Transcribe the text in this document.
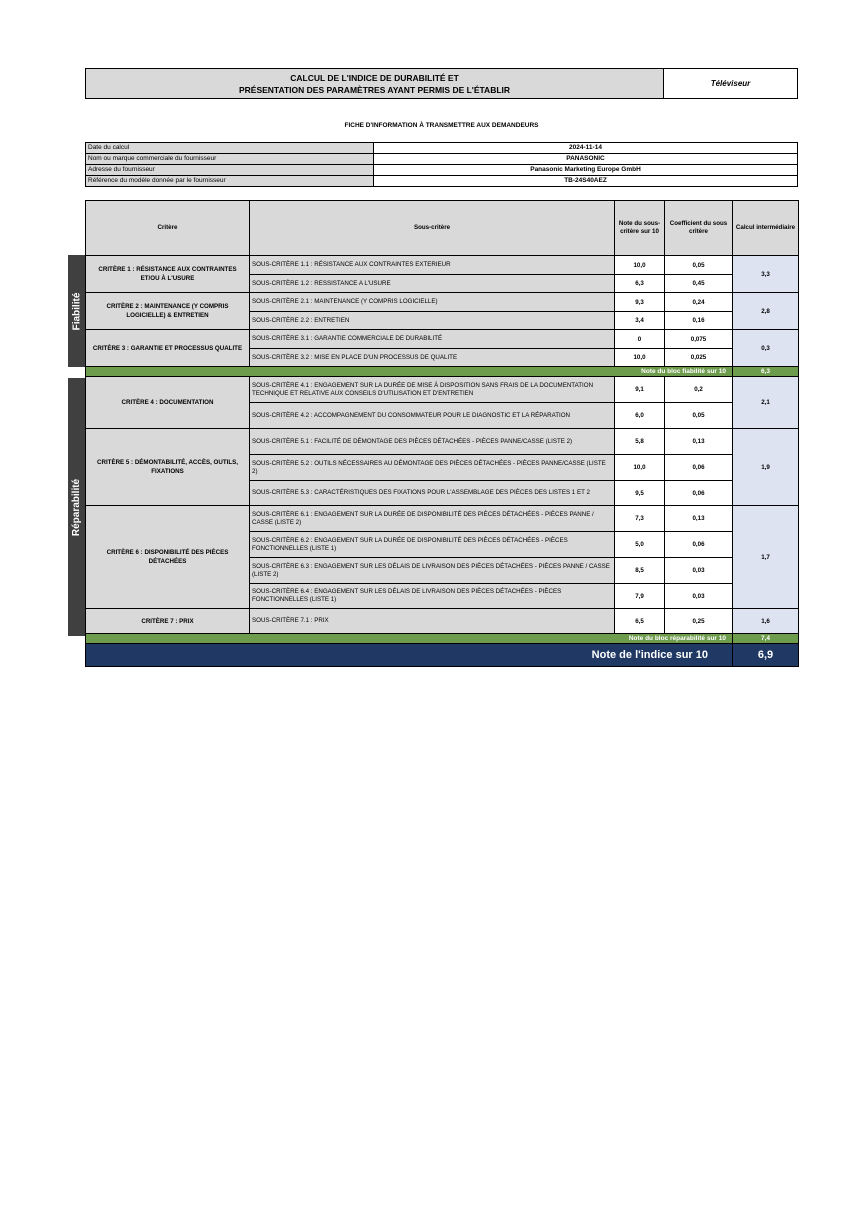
CALCUL DE L'INDICE DE DURABILITÉ ET
PRÉSENTATION DES PARAMÈTRES AYANT PERMIS DE L'ÉTABLIR
Téléviseur
FICHE D'INFORMATION À TRANSMETTRE AUX DEMANDEURS
Date du calcul	2024-11-14
Nom ou marque commerciale du fournisseur	PANASONIC
Adresse du fournisseur	Panasonic Marketing Europe GmbH
Référence du modèle donnée par le fournisseur	TB-24S40AEZ
Fiabilité
Réparabilité
Critère	Sous-critère	Note du sous-critère sur 10	Coefficient du sous critère	Calcul intermédiaire
CRITÈRE 1 : RÉSISTANCE AUX CONTRAINTES ET/OU À L'USURE	SOUS-CRITÈRE 1.1 : RÉSISTANCE AUX CONTRAINTES EXTERIEUR	10,0	0,05	3,3
	SOUS-CRITÈRE 1.2 : RESSISTANCE A L'USURE	6,3	0,45	
CRITÈRE 2 : MAINTENANCE (Y COMPRIS LOGICIELLE) & ENTRETIEN	SOUS-CRITÈRE 2.1 : MAINTENANCE (Y COMPRIS LOGICIELLE)	9,3	0,24	2,8
	SOUS-CRITÈRE 2.2 : ENTRETIEN	3,4	0,16	
CRITÈRE 3 : GARANTIE ET PROCESSUS QUALITE	SOUS-CRITÈRE 3.1 : GARANTIE COMMERCIALE DE DURABILITÉ	0	0,075	0,3
	SOUS-CRITÈRE 3.2 : MISE EN PLACE D'UN PROCESSUS DE QUALITE	10,0	0,025	
Note du bloc fiabilité sur 10				6,3
CRITÈRE 4 : DOCUMENTATION	SOUS-CRITÈRE 4.1 : ENGAGEMENT SUR LA DURÉE DE MISE À DISPOSITION SANS FRAIS DE LA DOCUMENTATION TECHNIQUE ET RELATIVE AUX CONSEILS D'UTILISATION ET D'ENTRETIEN	9,1	0,2	2,1
	SOUS-CRITÈRE 4.2 : ACCOMPAGNEMENT DU CONSOMMATEUR POUR LE DIAGNOSTIC ET LA RÉPARATION	6,0	0,05	
CRITÈRE 5 : DÉMONTABILITÉ, ACCÈS, OUTILS, FIXATIONS	SOUS-CRITÈRE 5.1 : FACILITÉ DE DÉMONTAGE DES PIÈCES DÉTACHÉES - PIÈCES PANNE/CASSE (LISTE 2)	5,8	0,13	1,9
	SOUS-CRITÈRE 5.2 : OUTILS NÉCESSAIRES AU DÉMONTAGE DES PIÈCES DÉTACHÉES - PIÈCES PANNE/CASSE (LISTE 2)	10,0	0,06	
	SOUS-CRITÈRE 5.3 : CARACTÉRISTIQUES DES FIXATIONS POUR L'ASSEMBLAGE DES PIÈCES DES LISTES 1 ET 2	9,5	0,06	
CRITÈRE 6 : DISPONIBILITÉ DES PIÈCES DÉTACHÉES	SOUS-CRITÈRE 6.1 : ENGAGEMENT SUR LA DURÉE DE DISPONIBILITÉ DES PIÈCES DÉTACHÉES - PIÈCES PANNE / CASSE (LISTE 2)	7,3	0,13	1,7
	SOUS-CRITÈRE 6.2 : ENGAGEMENT SUR LA DURÉE DE DISPONIBILITÉ DES PIÈCES DÉTACHÉES - PIÈCES FONCTIONNELLES (LISTE 1)	5,0	0,06	
	SOUS-CRITÈRE 6.3 : ENGAGEMENT SUR LES DÉLAIS DE LIVRAISON DES PIÈCES DÉTACHÉES - PIÈCES PANNE / CASSE (LISTE 2)	8,5	0,03	
	SOUS-CRITÈRE 6.4 : ENGAGEMENT SUR LES DÉLAIS DE LIVRAISON DES PIÈCES DÉTACHÉES - PIÈCES FONCTIONNELLES (LISTE 1)	7,9	0,03	
CRITÈRE 7 : PRIX	SOUS-CRITÈRE 7.1 : PRIX	6,5	0,25	1,6
Note du bloc réparabilité sur 10				7,4
Note de l'indice sur 10				6,9
